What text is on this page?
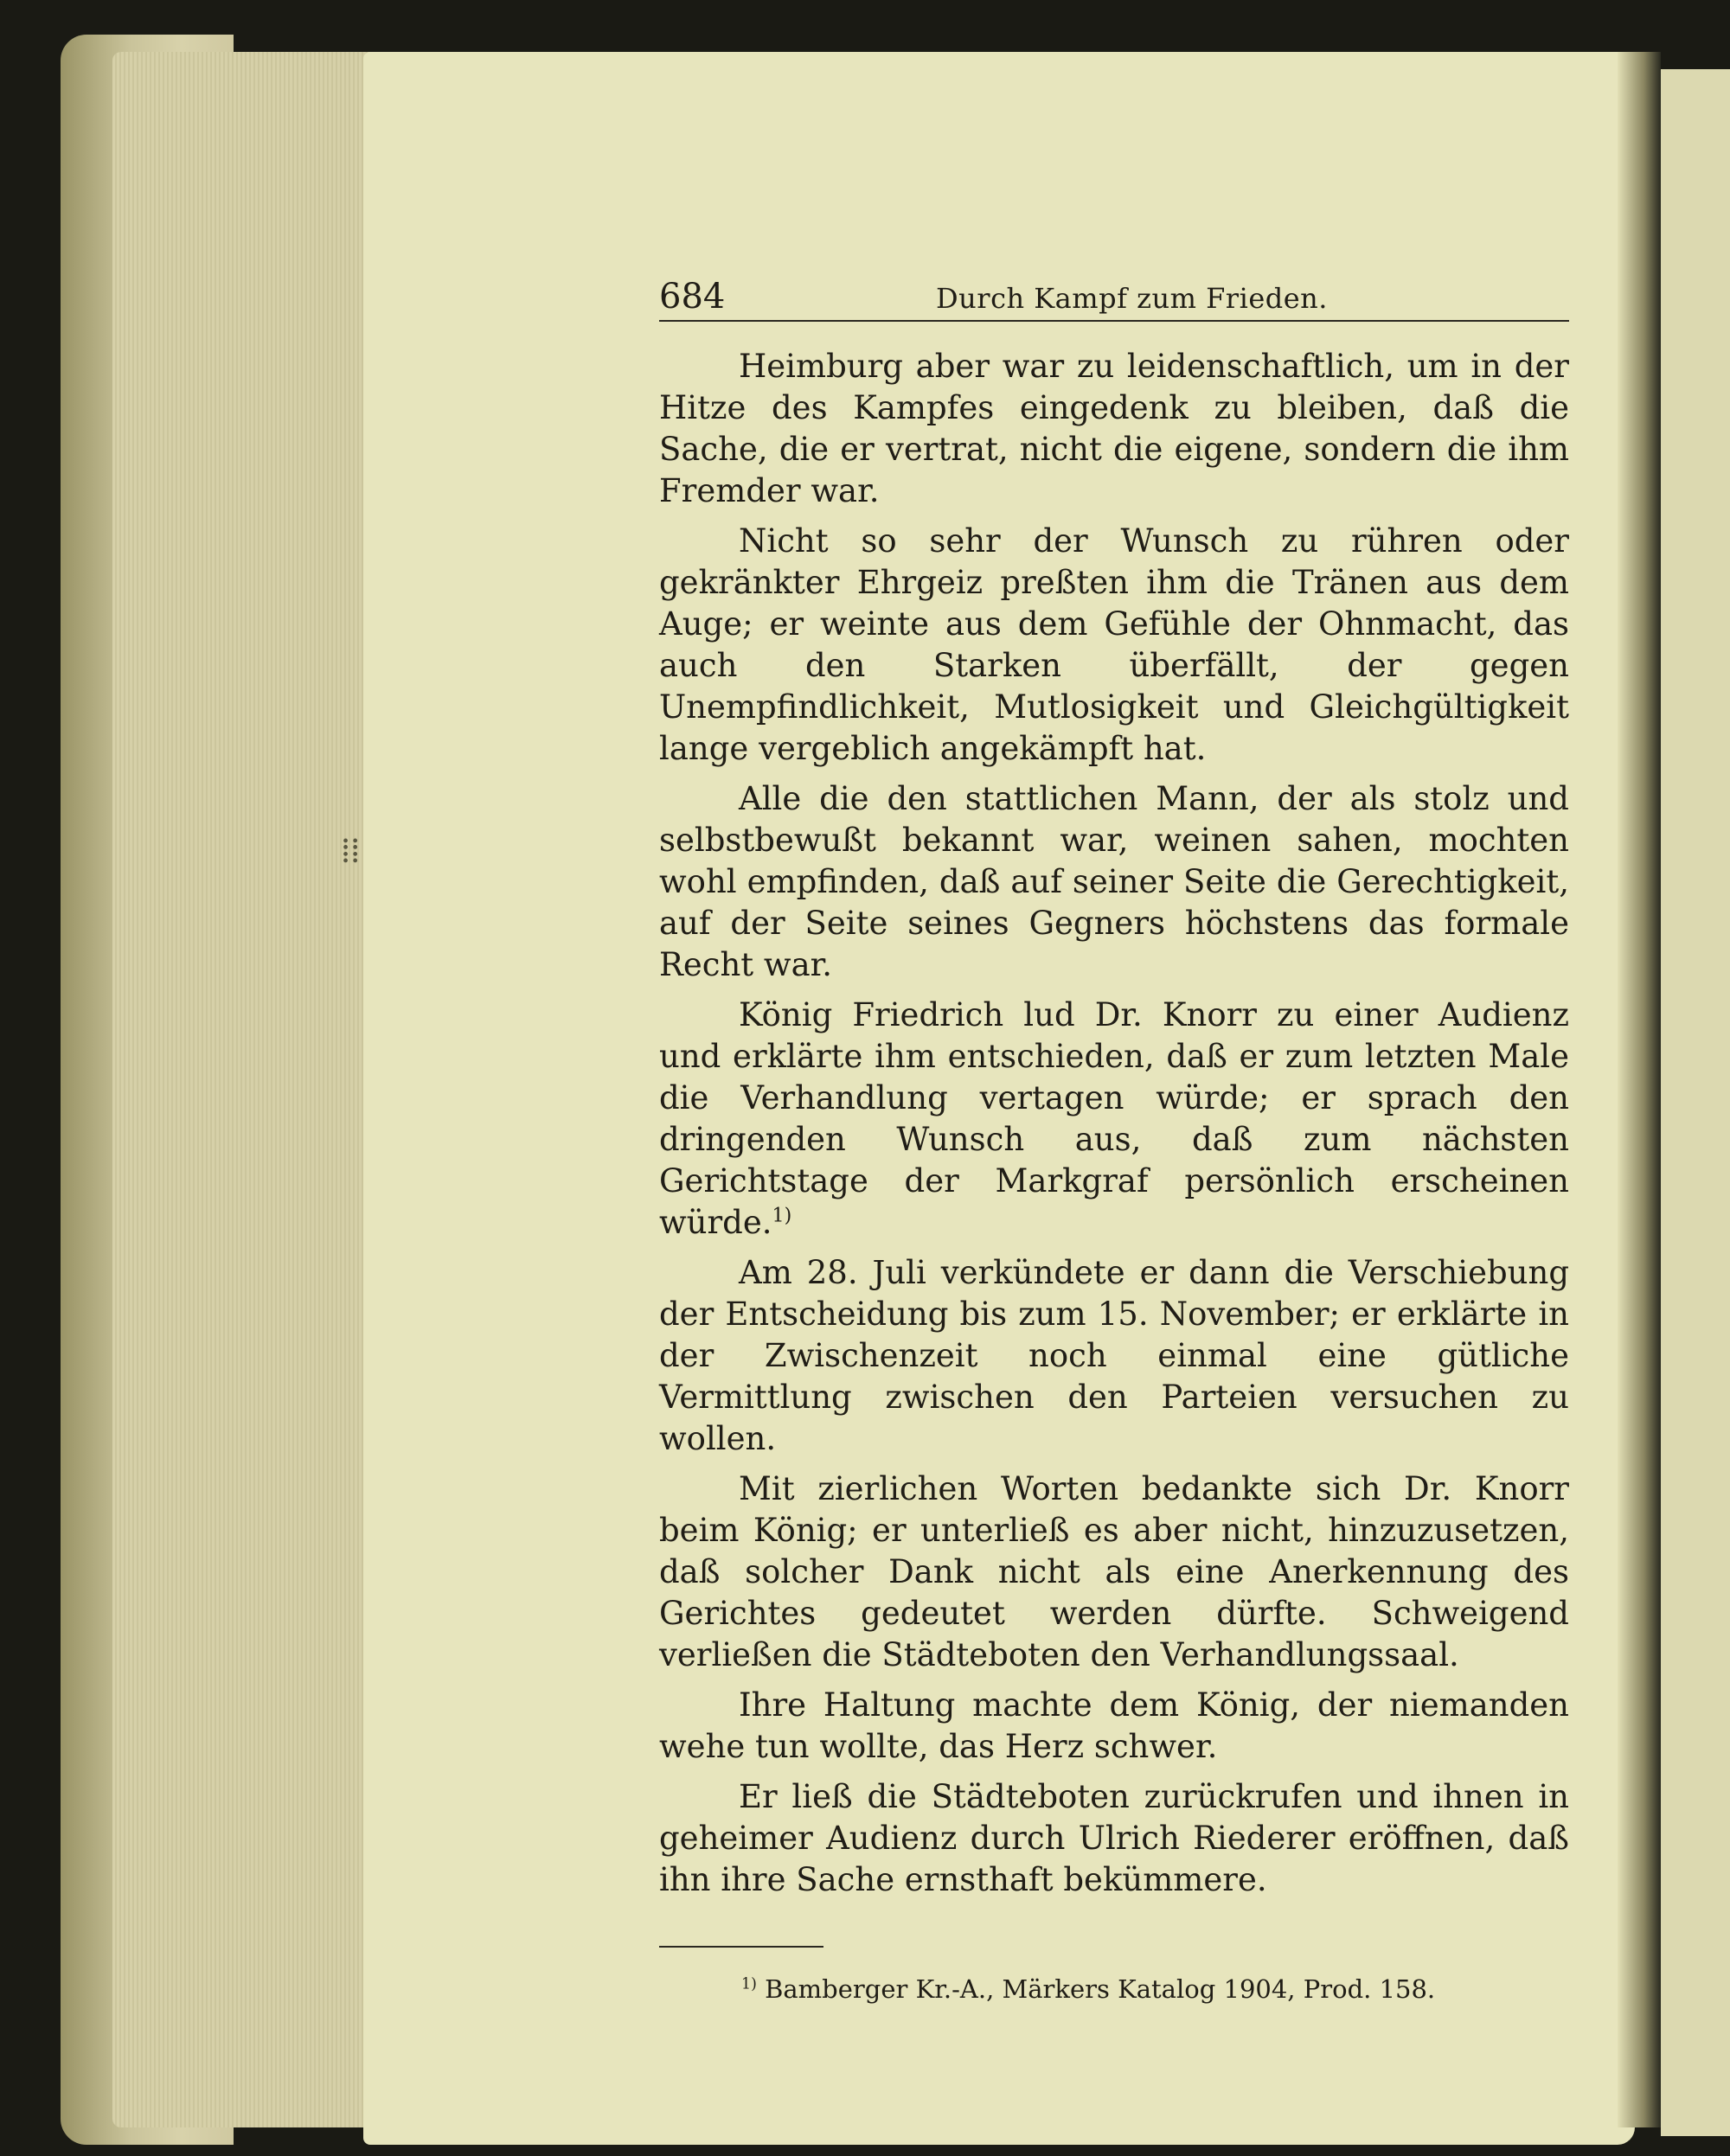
⁞⁞
684	Durch Kampf zum Frieden.

Heimburg aber war zu leidenschaftlich, um in der Hitze des Kampfes eingedenk zu bleiben, daß die Sache, die er vertrat, nicht die eigene, sondern die ihm Fremder war.

Nicht so sehr der Wunsch zu rühren oder gekränkter Ehrgeiz preßten ihm die Tränen aus dem Auge; er weinte aus dem Gefühle der Ohnmacht, das auch den Starken überfällt, der gegen Unempfindlichkeit, Mutlosigkeit und Gleichgültigkeit lange vergeblich angekämpft hat.

Alle die den stattlichen Mann, der als stolz und selbstbewußt bekannt war, weinen sahen, mochten wohl empfinden, daß auf seiner Seite die Gerechtigkeit, auf der Seite seines Gegners höchstens das formale Recht war.

König Friedrich lud Dr. Knorr zu einer Audienz und erklärte ihm entschieden, daß er zum letzten Male die Verhandlung vertagen würde; er sprach den dringenden Wunsch aus, daß zum nächsten Gerichtstage der Markgraf persönlich erscheinen würde.$^{1)}$

Am 28. Juli verkündete er dann die Verschiebung der Entscheidung bis zum 15. November; er erklärte in der Zwischenzeit noch einmal eine gütliche Vermittlung zwischen den Parteien versuchen zu wollen.

Mit zierlichen Worten bedankte sich Dr. Knorr beim König; er unterließ es aber nicht, hinzuzusetzen, daß solcher Dank nicht als eine Anerkennung des Gerichtes gedeutet werden dürfte. Schweigend verließen die Städteboten den Verhandlungssaal.

Ihre Haltung machte dem König, der niemanden wehe tun wollte, das Herz schwer.

Er ließ die Städteboten zurückrufen und ihnen in geheimer Audienz durch Ulrich Riederer eröffnen, daß ihn ihre Sache ernsthaft bekümmere.

$^{1)}$ Bamberger Kr.-A., Märkers Katalog 1904, Prod. 158.
